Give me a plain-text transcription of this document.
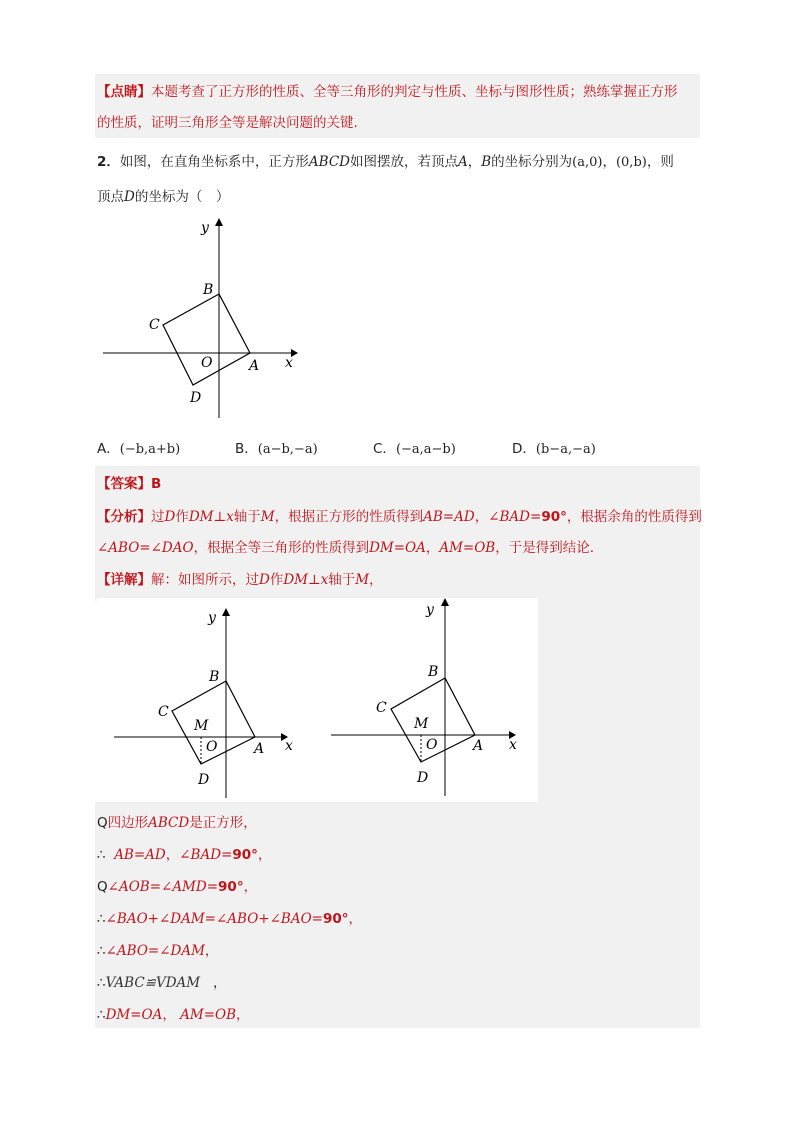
【点睛】本题考查了正方形的性质、全等三角形的判定与性质、坐标与图形性质；熟练掌握正方形
的性质，证明三角形全等是解决问题的关键.
2．如图，在直角坐标系中，正方形ABCD如图摆放，若顶点A，B的坐标分别为(a,0)，(0,b)，则
顶点D的坐标为（　）
y
B
C
O	A x
D
A．(−b,a+b)	B．(a−b,−a)	C．(−a,a−b)	D．(b−a,−a)
【答案】B
【分析】过D作DM⊥x轴于M，根据正方形的性质得到AB=AD，∠BAD=90°，根据余角的性质得到
∠ABO=∠DAO，根据全等三角形的性质得到DM=OA，AM=OB，于是得到结论.
【详解】解：如图所示，过D作DM⊥x轴于M，
y
B
C
M
O	A x
D
y
B
C
M
O	A x
D
Q四边形ABCD是正方形，
∴ AB=AD，∠BAD=90°，
Q∠AOB=∠AMD=90°，
∴∠BAO+∠DAM=∠ABO+∠BAO=90°，
∴∠ABO=∠DAM，
∴VABC≌VDAM ，
∴DM=OA， AM=OB，
